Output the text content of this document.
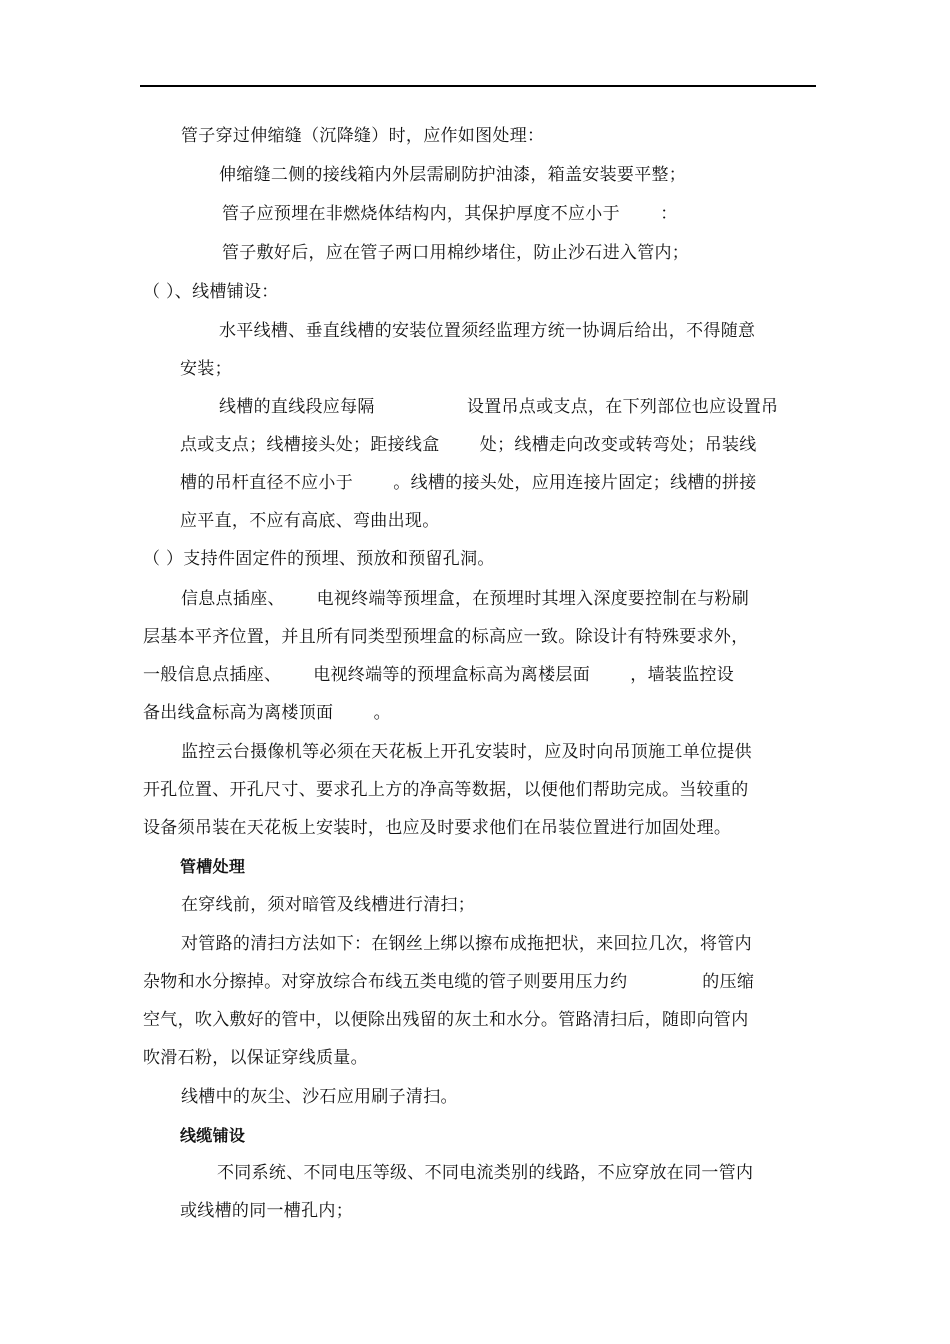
管子穿过伸缩缝（沉降缝）时，应作如图处理：
伸缩缝二侧的接线箱内外层需刷防护油漆，箱盖安装要平整；
管子应预埋在非燃烧体结构内，其保护厚度不应小于　　 ：
管子敷好后，应在管子两口用棉纱堵住，防止沙石进入管内；
（ ）、线槽铺设：
水平线槽、垂直线槽的安装位置须经监理方统一协调后给出，不得随意
安装；
线槽的直线段应每隔　　　　　 设置吊点或支点，在下列部位也应设置吊
点或支点；线槽接头处；距接线盒　　 处；线槽走向改变或转弯处；吊装线
槽的吊杆直径不应小于　　 。线槽的接头处，应用连接片固定；线槽的拼接
应平直，不应有高底、弯曲出现。
（ ）支持件固定件的预埋、预放和预留孔洞。
信息点插座、　　 电视终端等预埋盒，在预埋时其埋入深度要控制在与粉刷
层基本平齐位置，并且所有同类型预埋盒的标高应一致。除设计有特殊要求外，
一般信息点插座、　　 电视终端等的预埋盒标高为离楼层面　　 ，墙装监控设
备出线盒标高为离楼顶面　　 。
监控云台摄像机等必须在天花板上开孔安装时，应及时向吊顶施工单位提供
开孔位置、开孔尺寸、要求孔上方的净高等数据，以便他们帮助完成。当较重的
设备须吊装在天花板上安装时，也应及时要求他们在吊装位置进行加固处理。
管槽处理
在穿线前，须对暗管及线槽进行清扫；
对管路的清扫方法如下：在钢丝上绑以擦布成拖把状，来回拉几次，将管内
杂物和水分擦掉。对穿放综合布线五类电缆的管子则要用压力约　　　　 的压缩
空气，吹入敷好的管中，以便除出残留的灰土和水分。管路清扫后，随即向管内
吹滑石粉，以保证穿线质量。
线槽中的灰尘、沙石应用刷子清扫。
线缆铺设
不同系统、不同电压等级、不同电流类别的线路，不应穿放在同一管内
或线槽的同一槽孔内；
